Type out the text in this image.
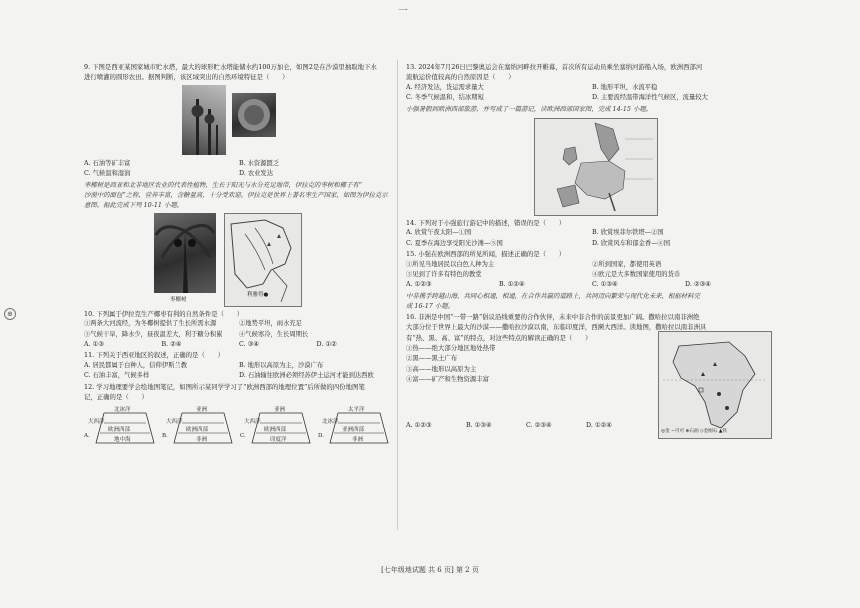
一
⊕

9. 下图是西亚某国家城市贮水塔，最大的球形贮水塔能储水约100万加仑，如图2是在沙漠里抽取地下水

进行喷灌的圆形农田。据图判断，该区域突出的自然环境特征是（　　）

A. 石油等矿丰富	B. 水资源匮乏
C. 气候温和湿润	D. 农业发达

枣椰树是西亚和北非地区农业的代表性植物，生长于阳光与水分充足地带，伊拉克的枣树和椰子有“

沙漠中的面包”之称，营养丰富，含糖量高，十分受欢迎。伊拉克是世界上著名枣生产国家，如图为伊拉克示

意图。据此完成下列 10-11 小题。

枣椰树
利雅得●

10. 下列属于伊拉克生产椰枣有利的自然条件是（　　）

①两条大河流经，为冬椰树提供了生长所需水源	②地势平坦，雨水充足
③气候干旱，降水少，昼夜温差大，利于糖分积累	④气候寒冷，生长周期长
A. ①③	B. ②④	C. ③④	D. ①②

11. 下列关于西亚地区的叙述，正确的是（　　）

A. 居民都属于白种人，信仰伊斯兰教	B. 地形以高原为主，沙漠广布
C. 石油丰富，气候多样	D. 石油输往欧洲必须经苏伊士运河才能到达西欧

12. 学习地理要学会绘地图笔记，如图所示某同学学习了“欧洲西部的地理位置”后所做的四份地图笔

记，正确的是（　　）

A.
北冰洋
欧洲西部
地中海
大西洋
B.
亚洲
欧洲西部
非洲
大西洋
C.
亚洲
欧洲西部
印度洋
大西洋
D.
太平洋
亚洲西部
非洲
北冰洋

13. 2024年7月26日巴黎奥运会在塞纳河畔拉开帷幕，首次所有运动员乘坐塞纳河游船入场，欧洲西部河

流航运价值较高的自然原因是（　　）

A. 经济发达，货运需求量大	B. 地形平坦，水流平稳
C. 冬季气候温和，结冰期短	D. 主要流经温带海洋性气候区，流量较大

小强暑假到欧洲西部旅游，并写成了一篇游记，读欧洲西部国家图，完成 14-15 小题。

14. 下列对于小强旅行游记中的描述，错误的是（　　）

A. 欣赏午夜太阳—①国	B. 欣赏埃菲尔铁塔—②国
C. 夏季在海边享受阳光沙滩—⑤国	D. 欣赏风车和郁金香—④国

15. 小强在欧洲西部的所见所闻，描述正确的是（　　）

①所见当地居民以白色人种为主	②所到国家，都使用英语
③见到了许多有特色的教堂	④欧元是大多数国家使用的货币
A. ①②③	B. ①②④	C. ①③④	D. ②③④

中非携手跨越山海，共同心相通，相通，在合作共赢的道路上，共同迈向繁荣与现代化未来，根据材料完

成 16-17 小题。

16. 非洲是中国“一带一路”倡议沿线重要的合作伙伴，未来中非合作的前景更加广阔。撒哈拉以南非洲绝

大部分位于世界上最大的沙漠——撒哈拉沙漠以南，东临印度洋，西濒大西洋。读地图，撒哈拉以南非洲具

有“热、黑、高、富”的特点，对这些特点的解读正确的是（　　）

①热——绝大部分地区地处热带

②黑——黑土广布

③高——地形以高原为主

④富——矿产和生物资源丰富

A. ①②③	B. ①③④	C. ②③④	D. ①②④
◎金 ∽可可 ⊕石油 ◇金刚石 ▲铁
[七年级地试题 共 6 页] 第 2 页
